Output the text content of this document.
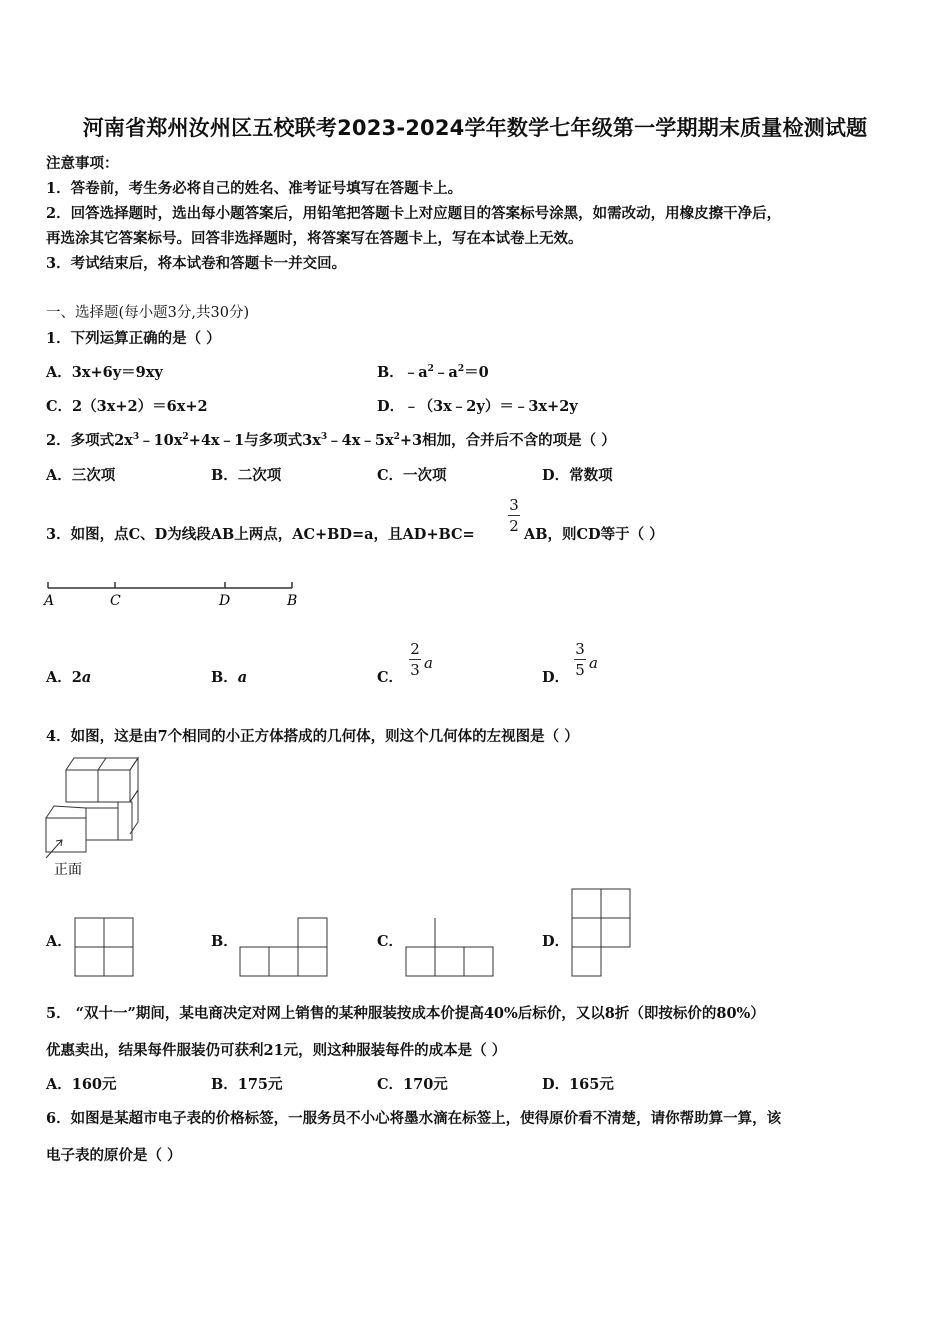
河南省郑州汝州区五校联考2023-2024学年数学七年级第一学期期末质量检测试题
注意事项：
1．答卷前，考生务必将自己的姓名、准考证号填写在答题卡上。
2．回答选择题时，选出每小题答案后，用铅笔把答题卡上对应题目的答案标号涂黑，如需改动，用橡皮擦干净后，
再选涂其它答案标号。回答非选择题时，将答案写在答题卡上，写在本试卷上无效。
3．考试结束后，将本试卷和答题卡一并交回。
一、选择题(每小题3分,共30分)
1．下列运算正确的是（ ）
A．3x+6y＝9xy	B．$﹣a^2﹣a^2=0$
C．2（3x+2）＝6x+2	D．﹣（3x﹣2y）＝﹣3x+2y
2．多项式$2x^3﹣10x^2+4x﹣1$与多项式$3x^3﹣4x﹣5x^2+3$相加，合并后不含的项是（ ）
A．三次项	B．二次项	C．一次项	D．常数项
3．如图，点C、D为线段AB上两点，AC+BD=a，且AD+BC=
3
2 AB，则CD等于（ ）
A	C	D	B
A．2a	B．a	C．
2
3 a
D．
3
5 a
4．如图，这是由7个相同的小正方体搭成的几何体，则这个几何体的左视图是（ ）
正面
A．	B．	C．	D．
5． “双十一”期间，某电商决定对网上销售的某种服装按成本价提高40%后标价，又以8折（即按标价的80%）
优惠卖出，结果每件服装仍可获利21元，则这种服装每件的成本是（ ）
A．160元	B．175元	C．170元	D．165元
6．如图是某超市电子表的价格标签，一服务员不小心将墨水滴在标签上，使得原价看不清楚，请你帮助算一算，该
电子表的原价是（ ）
